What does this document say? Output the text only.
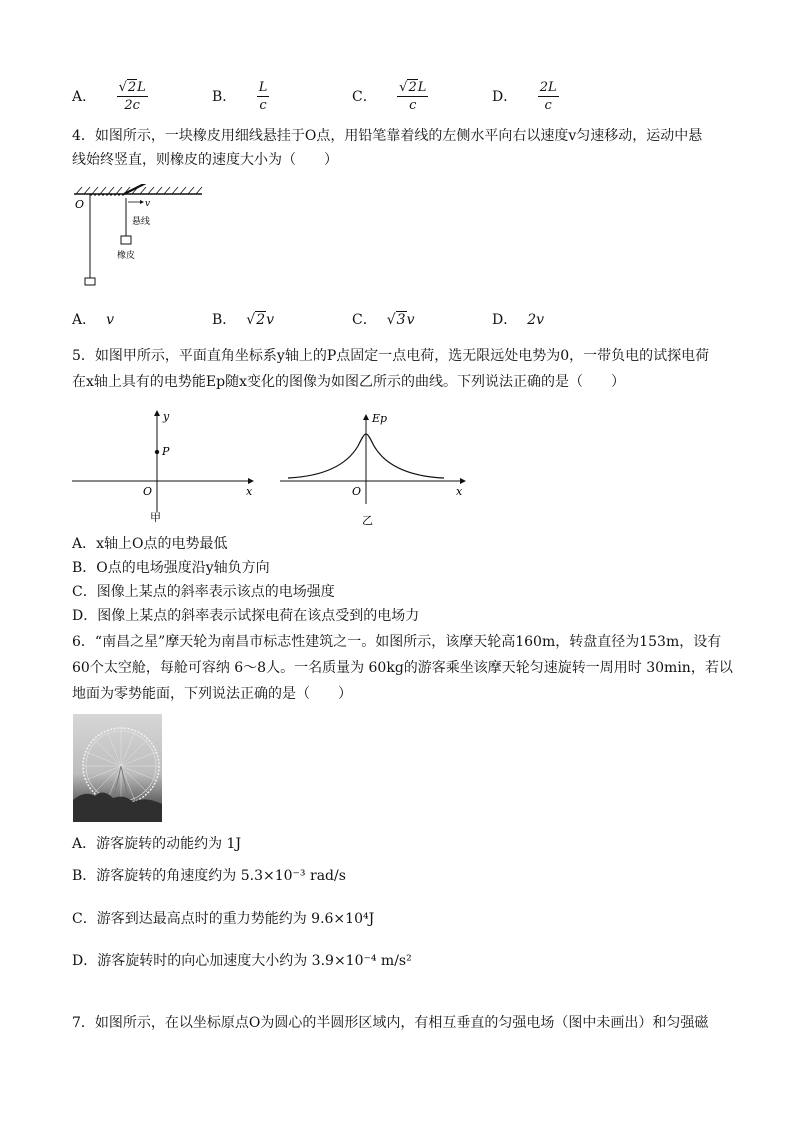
A． $\frac{√2L}{2c}$	B． $\frac{L}{c}$	C． $\frac{√2L}{c}$	D． $\frac{2L}{c}$
4．如图所示，一块橡皮用细线悬挂于O点，用铅笔靠着线的左侧水平向右以速度v匀速移动，运动中悬
线始终竖直，则橡皮的速度大小为（　　）
O	v
悬线
橡皮
A． v	B． √2v	C． √3v	D． 2v
5．如图甲所示，平面直角坐标系y轴上的P点固定一点电荷，选无限远处电势为0，一带负电的试探电荷
在x轴上具有的电势能Ep随x变化的图像为如图乙所示的曲线。下列说法正确的是（　　）
y
P
O	x
甲
Ep
O	x
乙
A．x轴上O点的电势最低
B．O点的电场强度沿y轴负方向
C．图像上某点的斜率表示该点的电场强度
D．图像上某点的斜率表示试探电荷在该点受到的电场力
6．“南昌之星”摩天轮为南昌市标志性建筑之一。如图所示，该摩天轮高160m，转盘直径为153m，设有
60个太空舱，每舱可容纳 6～8人。一名质量为 60kg的游客乘坐该摩天轮匀速旋转一周用时 30min，若以
地面为零势能面，下列说法正确的是（　　）
A．游客旋转的动能约为 1J
B．游客旋转的角速度约为 5.3×10⁻³ rad/s
C．游客到达最高点时的重力势能约为 9.6×10⁴J
D．游客旋转时的向心加速度大小约为 3.9×10⁻⁴ m/s²
7．如图所示，在以坐标原点O为圆心的半圆形区域内，有相互垂直的匀强电场（图中未画出）和匀强磁
